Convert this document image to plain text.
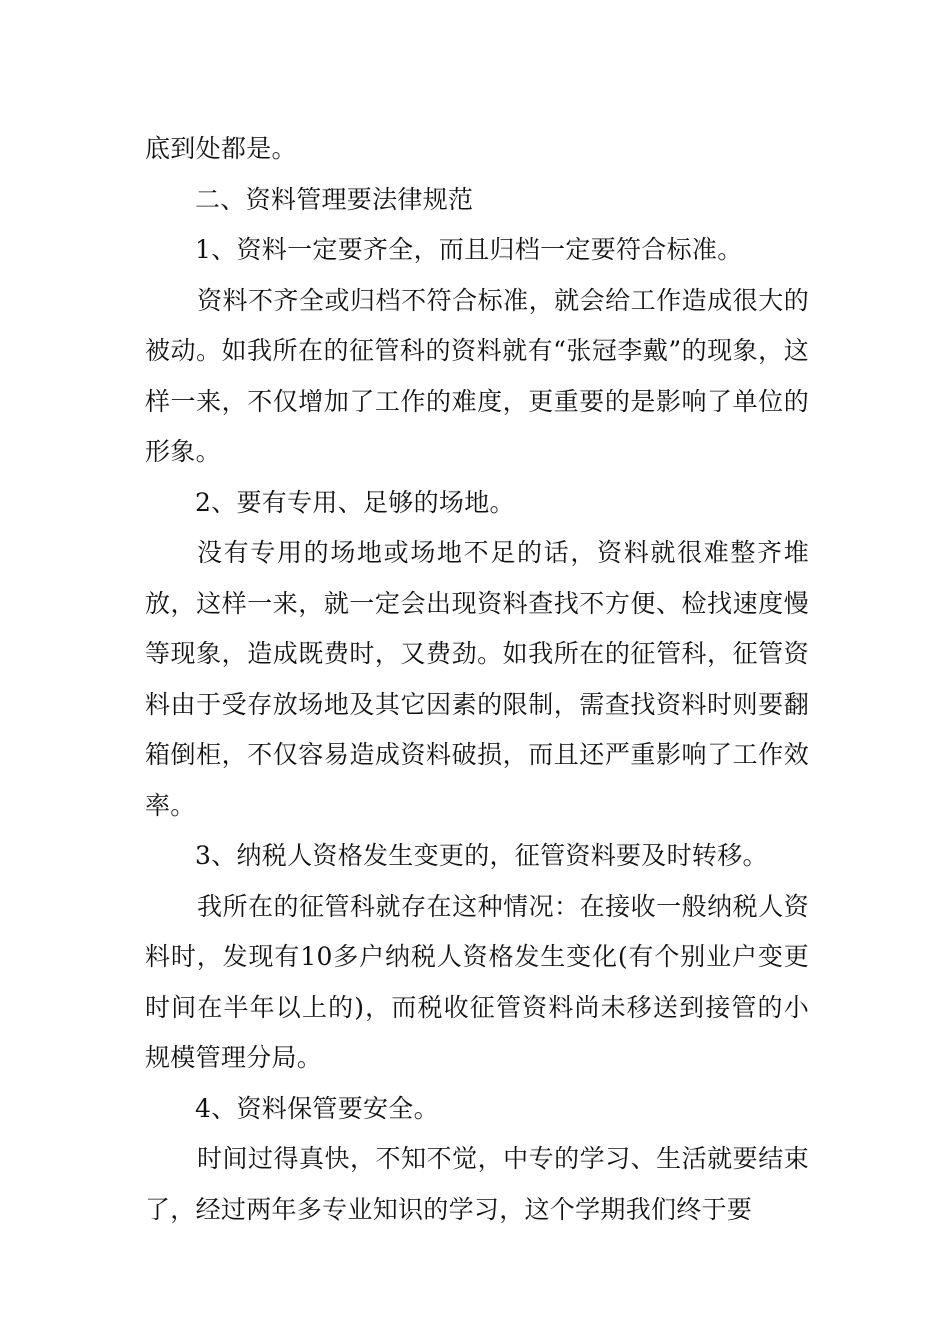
底到处都是。

二、资料管理要法律规范

1、资料一定要齐全，而且归档一定要符合标准。

资料不齐全或归档不符合标准，就会给工作造成很大的被动。如我所在的征管科的资料就有“张冠李戴”的现象，这样一来，不仅增加了工作的难度，更重要的是影响了单位的形象。

2、要有专用、足够的场地。

没有专用的场地或场地不足的话，资料就很难整齐堆放，这样一来，就一定会出现资料查找不方便、检找速度慢等现象，造成既费时，又费劲。如我所在的征管科，征管资料由于受存放场地及其它因素的限制，需查找资料时则要翻箱倒柜，不仅容易造成资料破损，而且还严重影响了工作效率。

3、纳税人资格发生变更的，征管资料要及时转移。

我所在的征管科就存在这种情况：在接收一般纳税人资料时，发现有10多户纳税人资格发生变化(有个别业户变更时间在半年以上的)，而税收征管资料尚未移送到接管的小规模管理分局。

4、资料保管要安全。

时间过得真快，不知不觉，中专的学习、生活就要结束了，经过两年多专业知识的学习，这个学期我们终于要
